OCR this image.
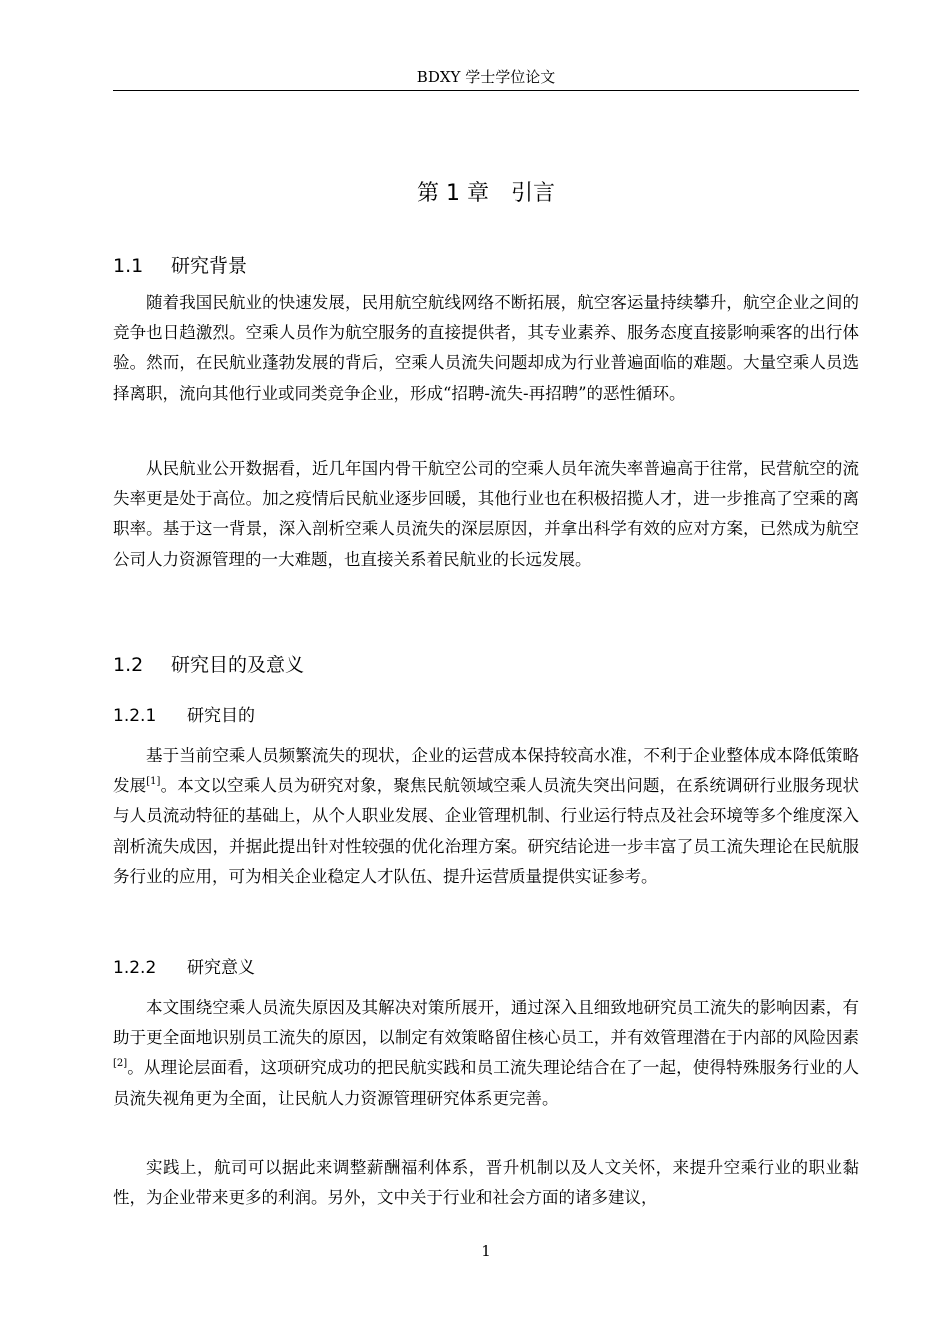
BDXY 学士学位论文
第 1 章 引言
1.1 研究背景

随着我国民航业的快速发展，民用航空航线网络不断拓展，航空客运量持续攀升，航空企业之间的竞争也日趋激烈。空乘人员作为航空服务的直接提供者，其专业素养、服务态度直接影响乘客的出行体验。然而，在民航业蓬勃发展的背后，空乘人员流失问题却成为行业普遍面临的难题。大量空乘人员选择离职，流向其他行业或同类竞争企业，形成“招聘-流失-再招聘”的恶性循环。

从民航业公开数据看，近几年国内骨干航空公司的空乘人员年流失率普遍高于往常，民营航空的流失率更是处于高位。加之疫情后民航业逐步回暖，其他行业也在积极招揽人才，进一步推高了空乘的离职率。基于这一背景，深入剖析空乘人员流失的深层原因，并拿出科学有效的应对方案，已然成为航空公司人力资源管理的一大难题，也直接关系着民航业的长远发展。

1.2 研究目的及意义
1.2.1 研究目的

基于当前空乘人员频繁流失的现状，企业的运营成本保持较高水准，不利于企业整体成本降低策略发展[1]。本文以空乘人员为研究对象，聚焦民航领域空乘人员流失突出问题，在系统调研行业服务现状与人员流动特征的基础上，从个人职业发展、企业管理机制、行业运行特点及社会环境等多个维度深入剖析流失成因，并据此提出针对性较强的优化治理方案。研究结论进一步丰富了员工流失理论在民航服务行业的应用，可为相关企业稳定人才队伍、提升运营质量提供实证参考。

1.2.2 研究意义

本文围绕空乘人员流失原因及其解决对策所展开，通过深入且细致地研究员工流失的影响因素，有助于更全面地识别员工流失的原因，以制定有效策略留住核心员工，并有效管理潜在于内部的风险因素[2]。从理论层面看，这项研究成功的把民航实践和员工流失理论结合在了一起，使得特殊服务行业的人员流失视角更为全面，让民航人力资源管理研究体系更完善。

实践上，航司可以据此来调整薪酬福利体系，晋升机制以及人文关怀，来提升空乘行业的职业黏性，为企业带来更多的利润。另外，文中关于行业和社会方面的诸多建议，

1
